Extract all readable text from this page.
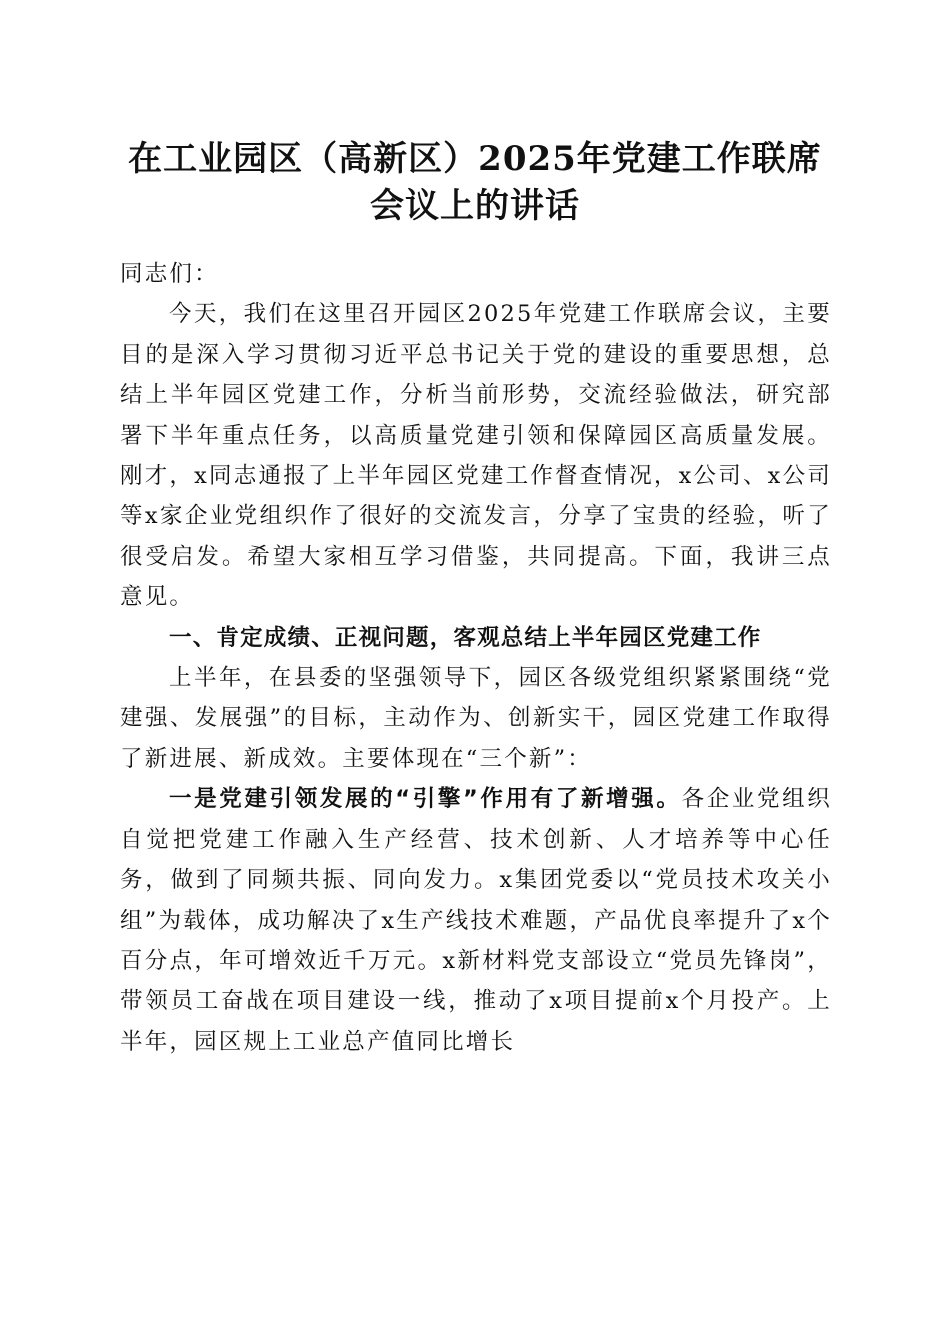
在工业园区（高新区）2025年党建工作联席
会议上的讲话

同志们：

今天，我们在这里召开园区2025年党建工作联席会议，主要目的是深入学习贯彻习近平总书记关于党的建设的重要思想，总结上半年园区党建工作，分析当前形势，交流经验做法，研究部署下半年重点任务，以高质量党建引领和保障园区高质量发展。刚才，x同志通报了上半年园区党建工作督查情况，x公司、x公司等x家企业党组织作了很好的交流发言，分享了宝贵的经验，听了很受启发。希望大家相互学习借鉴，共同提高。下面，我讲三点意见。

一、肯定成绩、正视问题，客观总结上半年园区党建工作

上半年，在县委的坚强领导下，园区各级党组织紧紧围绕“党建强、发展强”的目标，主动作为、创新实干，园区党建工作取得了新进展、新成效。主要体现在“三个新”：

一是党建引领发展的“引擎”作用有了新增强。各企业党组织自觉把党建工作融入生产经营、技术创新、人才培养等中心任务，做到了同频共振、同向发力。x集团党委以“党员技术攻关小组”为载体，成功解决了x生产线技术难题，产品优良率提升了x个百分点，年可增效近千万元。x新材料党支部设立“党员先锋岗”，带领员工奋战在项目建设一线，推动了x项目提前x个月投产。上半年，园区规上工业总产值同比增长
